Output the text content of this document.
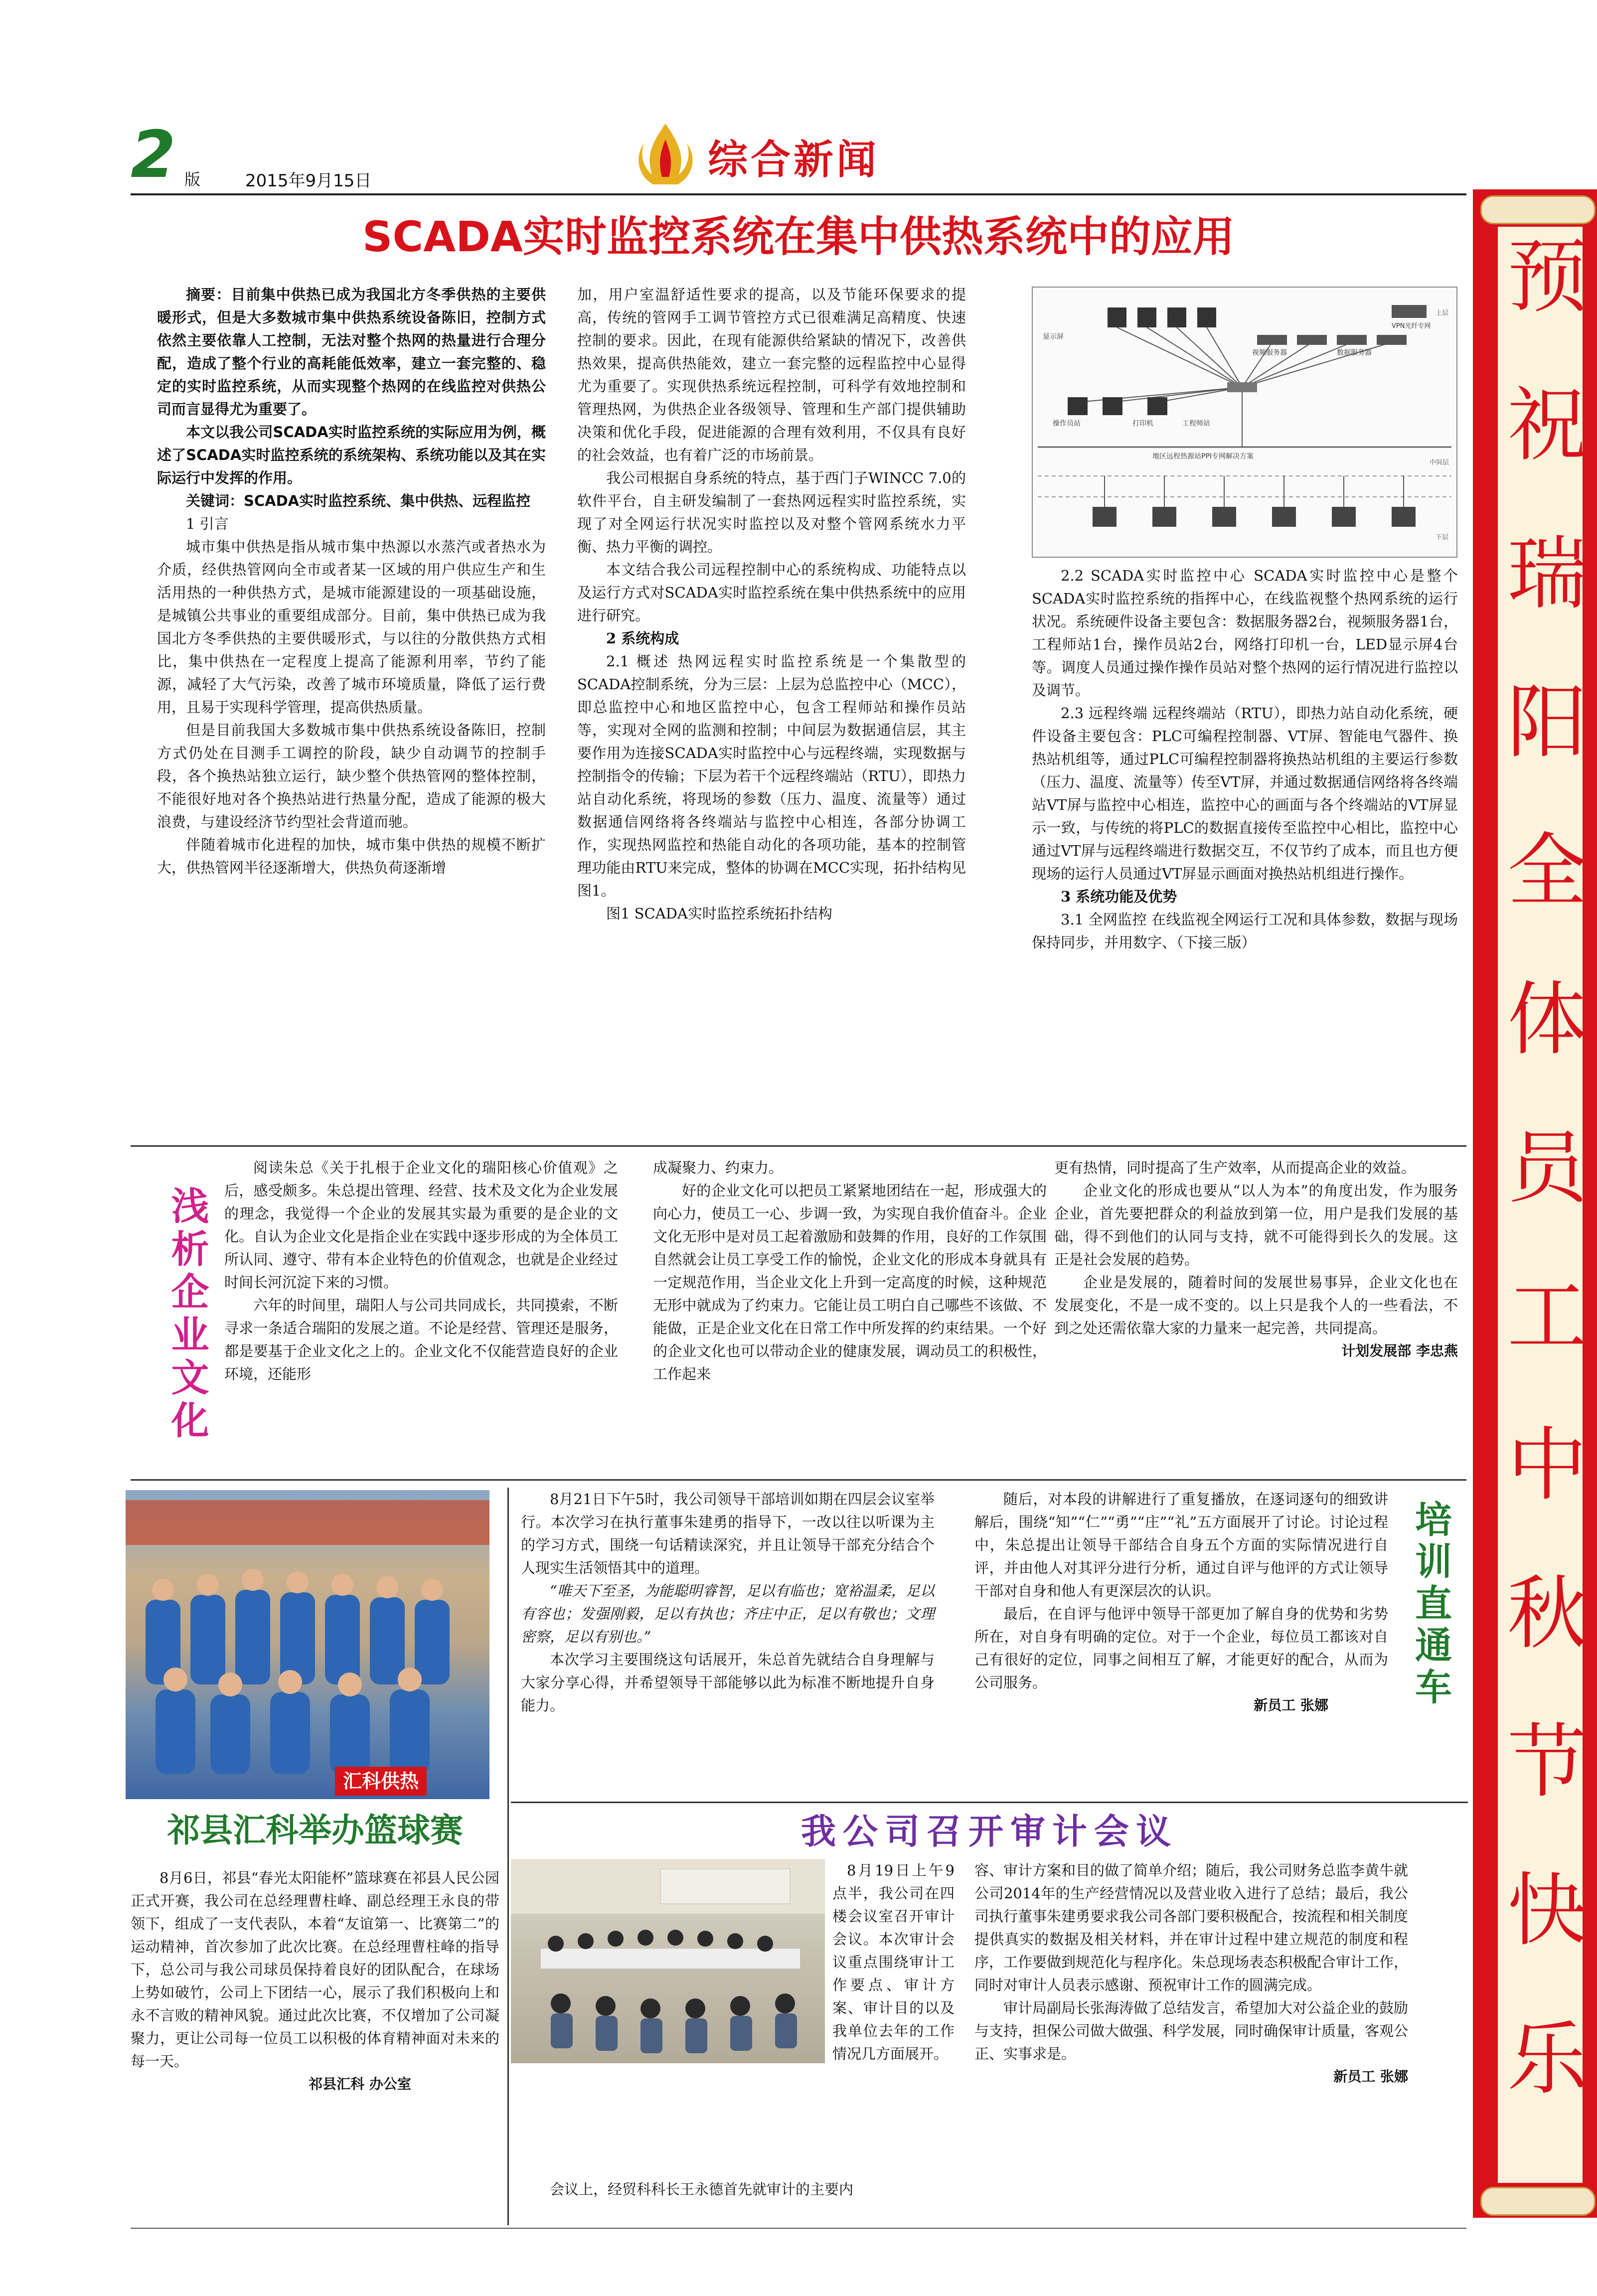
2 版	2015年9月15日	综合新闻
预祝瑞阳全体员工中秋节快乐
SCADA实时监控系统在集中供热系统中的应用

摘要：目前集中供热已成为我国北方冬季供热的主要供暖形式，但是大多数城市集中供热系统设备陈旧，控制方式依然主要依靠人工控制，无法对整个热网的热量进行合理分配，造成了整个行业的高耗能低效率，建立一套完整的、稳定的实时监控系统，从而实现整个热网的在线监控对供热公司而言显得尤为重要了。

本文以我公司SCADA实时监控系统的实际应用为例，概述了SCADA实时监控系统的系统架构、系统功能以及其在实际运行中发挥的作用。

关键词：SCADA实时监控系统、集中供热、远程监控

1 引言

城市集中供热是指从城市集中热源以水蒸汽或者热水为介质，经供热管网向全市或者某一区域的用户供应生产和生活用热的一种供热方式，是城市能源建设的一项基础设施，是城镇公共事业的重要组成部分。目前，集中供热已成为我国北方冬季供热的主要供暖形式，与以往的分散供热方式相比，集中供热在一定程度上提高了能源利用率，节约了能源，减轻了大气污染，改善了城市环境质量，降低了运行费用，且易于实现科学管理，提高供热质量。

但是目前我国大多数城市集中供热系统设备陈旧，控制方式仍处在目测手工调控的阶段，缺少自动调节的控制手段，各个换热站独立运行，缺少整个供热管网的整体控制，不能很好地对各个换热站进行热量分配，造成了能源的极大浪费，与建设经济节约型社会背道而驰。

伴随着城市化进程的加快，城市集中供热的规模不断扩大，供热管网半径逐渐增大，供热负荷逐渐增

加，用户室温舒适性要求的提高，以及节能环保要求的提高，传统的管网手工调节管控方式已很难满足高精度、快速控制的要求。因此，在现有能源供给紧缺的情况下，改善供热效果，提高供热能效，建立一套完整的远程监控中心显得尤为重要了。实现供热系统远程控制，可科学有效地控制和管理热网，为供热企业各级领导、管理和生产部门提供辅助决策和优化手段，促进能源的合理有效利用，不仅具有良好的社会效益，也有着广泛的市场前景。

我公司根据自身系统的特点，基于西门子WINCC 7.0的软件平台，自主研发编制了一套热网远程实时监控系统，实现了对全网运行状况实时监控以及对整个管网系统水力平衡、热力平衡的调控。

本文结合我公司远程控制中心的系统构成、功能特点以及运行方式对SCADA实时监控系统在集中供热系统中的应用进行研究。

2 系统构成

2.1 概述 热网远程实时监控系统是一个集散型的SCADA控制系统，分为三层：上层为总监控中心（MCC），即总监控中心和地区监控中心，包含工程师站和操作员站等，实现对全网的监测和控制；中间层为数据通信层，其主要作用为连接SCADA实时监控中心与远程终端，实现数据与控制指令的传输；下层为若干个远程终端站（RTU），即热力站自动化系统，将现场的参数（压力、温度、流量等）通过数据通信网络将各终端站与监控中心相连，各部分协调工作，实现热网监控和热能自动化的各项功能，基本的控制管理功能由RTU来完成，整体的协调在MCC实现，拓扑结构见图1。

图1 SCADA实时监控系统拓扑结构

显示屏
操作员站
视频服务器	数据服务器
VPN光纤专网
工程师站
打印机
地区远程热源站PPI专网解决方案
上层
中间层
下层

2.2 SCADA实时监控中心 SCADA实时监控中心是整个SCADA实时监控系统的指挥中心，在线监视整个热网系统的运行状况。系统硬件设备主要包含：数据服务器2台，视频服务器1台，工程师站1台，操作员站2台，网络打印机一台，LED显示屏4台等。调度人员通过操作操作员站对整个热网的运行情况进行监控以及调节。

2.3 远程终端 远程终端站（RTU），即热力站自动化系统，硬件设备主要包含：PLC可编程控制器、VT屏、智能电气器件、换热站机组等，通过PLC可编程控制器将换热站机组的主要运行参数（压力、温度、流量等）传至VT屏，并通过数据通信网络将各终端站VT屏与监控中心相连，监控中心的画面与各个终端站的VT屏显示一致，与传统的将PLC的数据直接传至监控中心相比，监控中心通过VT屏与远程终端进行数据交互，不仅节约了成本，而且也方便现场的运行人员通过VT屏显示画面对换热站机组进行操作。

3 系统功能及优势

3.1 全网监控 在线监视全网运行工况和具体参数，数据与现场保持同步，并用数字、（下接三版）

浅析企业文化

阅读朱总《关于扎根于企业文化的瑞阳核心价值观》之后，感受颇多。朱总提出管理、经营、技术及文化为企业发展的理念，我觉得一个企业的发展其实最为重要的是企业的文化。自认为企业文化是指企业在实践中逐步形成的为全体员工所认同、遵守、带有本企业特色的价值观念，也就是企业经过时间长河沉淀下来的习惯。

六年的时间里，瑞阳人与公司共同成长，共同摸索，不断寻求一条适合瑞阳的发展之道。不论是经营、管理还是服务，都是要基于企业文化之上的。企业文化不仅能营造良好的企业环境，还能形

成凝聚力、约束力。

好的企业文化可以把员工紧紧地团结在一起，形成强大的向心力，使员工一心、步调一致，为实现自我价值奋斗。企业文化无形中是对员工起着激励和鼓舞的作用，良好的工作氛围自然就会让员工享受工作的愉悦，企业文化的形成本身就具有一定规范作用，当企业文化上升到一定高度的时候，这种规范无形中就成为了约束力。它能让员工明白自己哪些不该做、不能做，正是企业文化在日常工作中所发挥的约束结果。一个好的企业文化也可以带动企业的健康发展，调动员工的积极性，工作起来

更有热情，同时提高了生产效率，从而提高企业的效益。

企业文化的形成也要从“以人为本”的角度出发，作为服务企业，首先要把群众的利益放到第一位，用户是我们发展的基础，得不到他们的认同与支持，就不可能得到长久的发展。这正是社会发展的趋势。

企业是发展的，随着时间的发展世易事异，企业文化也在发展变化，不是一成不变的。以上只是我个人的一些看法，不到之处还需依靠大家的力量来一起完善，共同提高。

计划发展部 李忠燕
汇科供热
祁县汇科举办篮球赛

8月6日，祁县“春光太阳能杯”篮球赛在祁县人民公园正式开赛，我公司在总经理曹柱峰、副总经理王永良的带领下，组成了一支代表队，本着“友谊第一、比赛第二”的运动精神，首次参加了此次比赛。在总经理曹柱峰的指导下，总公司与我公司球员保持着良好的团队配合，在球场上势如破竹，公司上下团结一心，展示了我们积极向上和永不言败的精神风貌。通过此次比赛，不仅增加了公司凝聚力，更让公司每一位员工以积极的体育精神面对未来的每一天。

祁县汇科 办公室

8月21日下午5时，我公司领导干部培训如期在四层会议室举行。本次学习在执行董事朱建勇的指导下，一改以往以听课为主的学习方式，围绕一句话精读深究，并且让领导干部充分结合个人现实生活领悟其中的道理。

“唯天下至圣，为能聪明睿智，足以有临也；宽裕温柔，足以有容也；发强刚毅，足以有执也；齐庄中正，足以有敬也；文理密察，足以有别也。”

本次学习主要围绕这句话展开，朱总首先就结合自身理解与大家分享心得，并希望领导干部能够以此为标准不断地提升自身能力。

随后，对本段的讲解进行了重复播放，在逐词逐句的细致讲解后，围绕“知”“仁”“勇”“庄”“礼”五方面展开了讨论。讨论过程中，朱总提出让领导干部结合自身五个方面的实际情况进行自评，并由他人对其评分进行分析，通过自评与他评的方式让领导干部对自身和他人有更深层次的认识。

最后，在自评与他评中领导干部更加了解自身的优势和劣势所在，对自身有明确的定位。对于一个企业，每位员工都该对自己有很好的定位，同事之间相互了解，才能更好的配合，从而为公司服务。

新员工 张娜	培训直通车
我公司召开审计会议

8月19日上午9点半，我公司在四楼会议室召开审计会议。本次审计会议重点围绕审计工作要点、审计方案、审计目的以及我单位去年的工作情况几方面展开。

会议上，经贸科科长王永德首先就审计的主要内

容、审计方案和目的做了简单介绍；随后，我公司财务总监李黄牛就公司2014年的生产经营情况以及营业收入进行了总结；最后，我公司执行董事朱建勇要求我公司各部门要积极配合，按流程和相关制度提供真实的数据及相关材料，并在审计过程中建立规范的制度和程序，工作要做到规范化与程序化。朱总现场表态积极配合审计工作，同时对审计人员表示感谢、预祝审计工作的圆满完成。

审计局副局长张海涛做了总结发言，希望加大对公益企业的鼓励与支持，担保公司做大做强、科学发展，同时确保审计质量，客观公正、实事求是。

新员工 张娜
